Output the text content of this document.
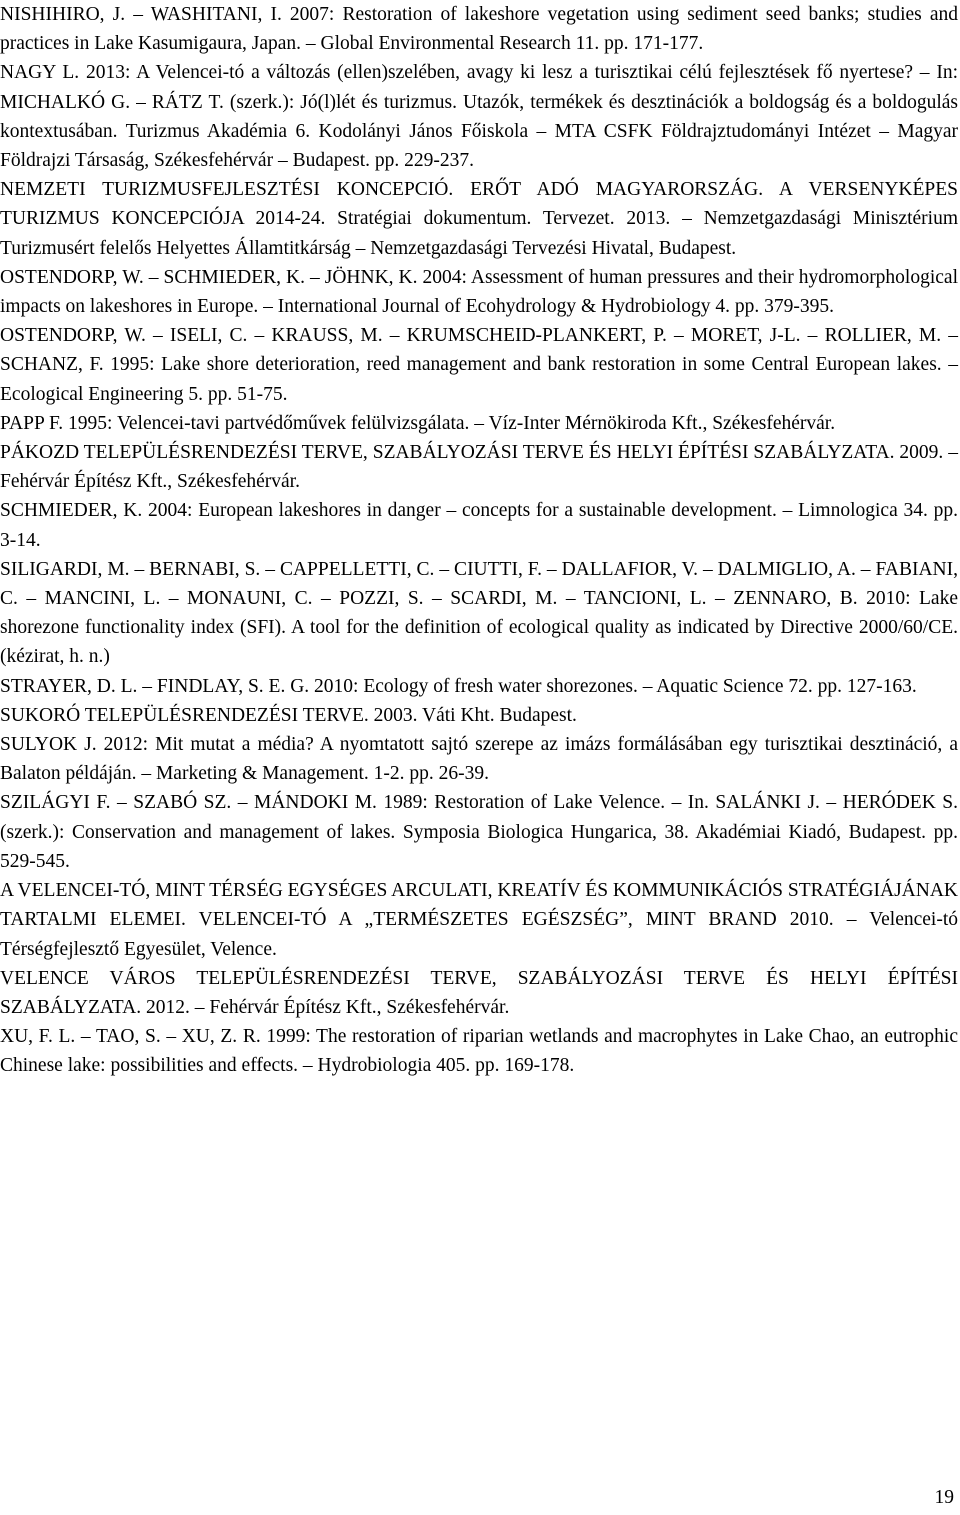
NISHIHIRO, J. – WASHITANI, I. 2007: Restoration of lakeshore vegetation using sediment seed banks; studies and practices in Lake Kasumigaura, Japan. – Global Environmental Research 11. pp. 171-177.

NAGY L. 2013: A Velencei-tó a változás (ellen)szelében, avagy ki lesz a turisztikai célú fejlesztések fő nyertese? – In: MICHALKÓ G. – RÁTZ T. (szerk.): Jó(l)lét és turizmus. Utazók, termékek és desztinációk a boldogság és a boldogulás kontextusában. Turizmus Akadémia 6. Kodolányi János Főiskola – MTA CSFK Földrajztudományi Intézet – Magyar Földrajzi Társaság, Székesfehérvár – Budapest. pp. 229-237.

NEMZETI TURIZMUSFEJLESZTÉSI KONCEPCIÓ. ERŐT ADÓ MAGYARORSZÁG. A VERSENYKÉPES TURIZMUS KONCEPCIÓJA 2014-24. Stratégiai dokumentum. Tervezet. 2013. – Nemzetgazdasági Minisztérium Turizmusért felelős Helyettes Államtitkárság – Nemzetgazdasági Tervezési Hivatal, Budapest.

OSTENDORP, W. – SCHMIEDER, K. – JÖHNK, K. 2004: Assessment of human pressures and their hydromorphological impacts on lakeshores in Europe. – International Journal of Ecohydrology & Hydrobiology 4. pp. 379-395.

OSTENDORP, W. – ISELI, C. – KRAUSS, M. – KRUMSCHEID-PLANKERT, P. – MORET, J-L. – ROLLIER, M. – SCHANZ, F. 1995: Lake shore deterioration, reed management and bank restoration in some Central European lakes. – Ecological Engineering 5. pp. 51-75.

PAPP F. 1995: Velencei-tavi partvédőművek felülvizsgálata. – Víz-Inter Mérnökiroda Kft., Székesfehérvár.

PÁKOZD TELEPÜLÉSRENDEZÉSI TERVE, SZABÁLYOZÁSI TERVE ÉS HELYI ÉPÍTÉSI SZABÁLYZATA. 2009. – Fehérvár Építész Kft., Székesfehérvár.

SCHMIEDER, K. 2004: European lakeshores in danger – concepts for a sustainable development. – Limnologica 34. pp. 3-14.

SILIGARDI, M. – BERNABI, S. – CAPPELLETTI, C. – CIUTTI, F. – DALLAFIOR, V. – DALMIGLIO, A. – FABIANI, C. – MANCINI, L. – MONAUNI, C. – POZZI, S. – SCARDI, M. – TANCIONI, L. – ZENNARO, B. 2010: Lake shorezone functionality index (SFI). A tool for the definition of ecological quality as indicated by Directive 2000/60/CE. (kézirat, h. n.)

STRAYER, D. L. – FINDLAY, S. E. G. 2010: Ecology of fresh water shorezones. – Aquatic Science 72. pp. 127-163.

SUKORÓ TELEPÜLÉSRENDEZÉSI TERVE. 2003. Váti Kht. Budapest.

SULYOK J. 2012: Mit mutat a média? A nyomtatott sajtó szerepe az imázs formálásában egy turisztikai desztináció, a Balaton példáján. – Marketing & Management. 1-2. pp. 26-39.

SZILÁGYI F. – SZABÓ SZ. – MÁNDOKI M. 1989: Restoration of Lake Velence. – In. SALÁNKI J. – HERÓDEK S. (szerk.): Conservation and management of lakes. Symposia Biologica Hungarica, 38. Akadémiai Kiadó, Budapest. pp. 529-545.

A VELENCEI-TÓ, MINT TÉRSÉG EGYSÉGES ARCULATI, KREATÍV ÉS KOMMUNIKÁCIÓS STRATÉGIÁJÁNAK TARTALMI ELEMEI. VELENCEI-TÓ A „TERMÉSZETES EGÉSZSÉG”, MINT BRAND 2010. – Velencei-tó Térségfejlesztő Egyesület, Velence.

VELENCE VÁROS TELEPÜLÉSRENDEZÉSI TERVE, SZABÁLYOZÁSI TERVE ÉS HELYI ÉPÍTÉSI SZABÁLYZATA. 2012. – Fehérvár Építész Kft., Székesfehérvár.

XU, F. L. – TAO, S. – XU, Z. R. 1999: The restoration of riparian wetlands and macrophytes in Lake Chao, an eutrophic Chinese lake: possibilities and effects. – Hydrobiologia 405. pp. 169-178.

19
